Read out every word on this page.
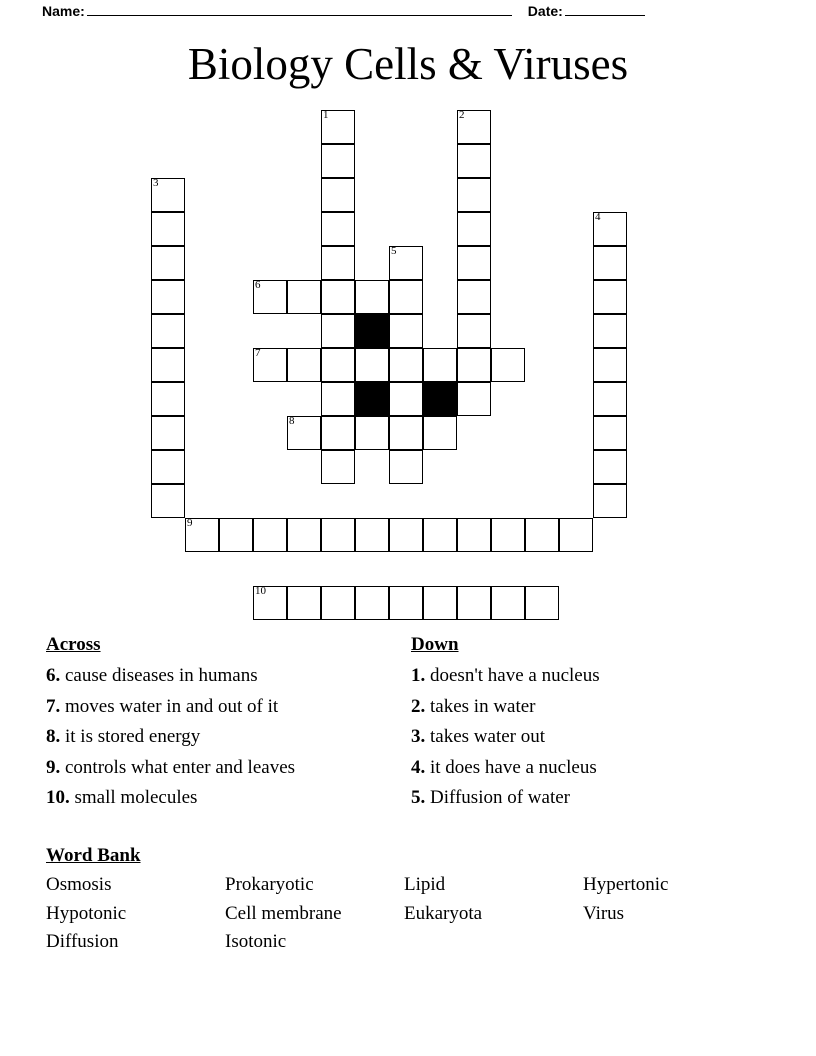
Name:	Date:
Biology Cells & Viruses
1	2
3
4
5
6
7
8
9
10
Across
6. cause diseases in humans
7. moves water in and out of it
8. it is stored energy
9. controls what enter and leaves
10. small molecules
Down
1. doesn't have a nucleus
2. takes in water
3. takes water out
4. it does have a nucleus
5. Diffusion of water
Word Bank
Osmosis
Hypotonic
Diffusion
Prokaryotic
Cell membrane
Isotonic
Lipid
Eukaryota

Hypertonic
Virus
